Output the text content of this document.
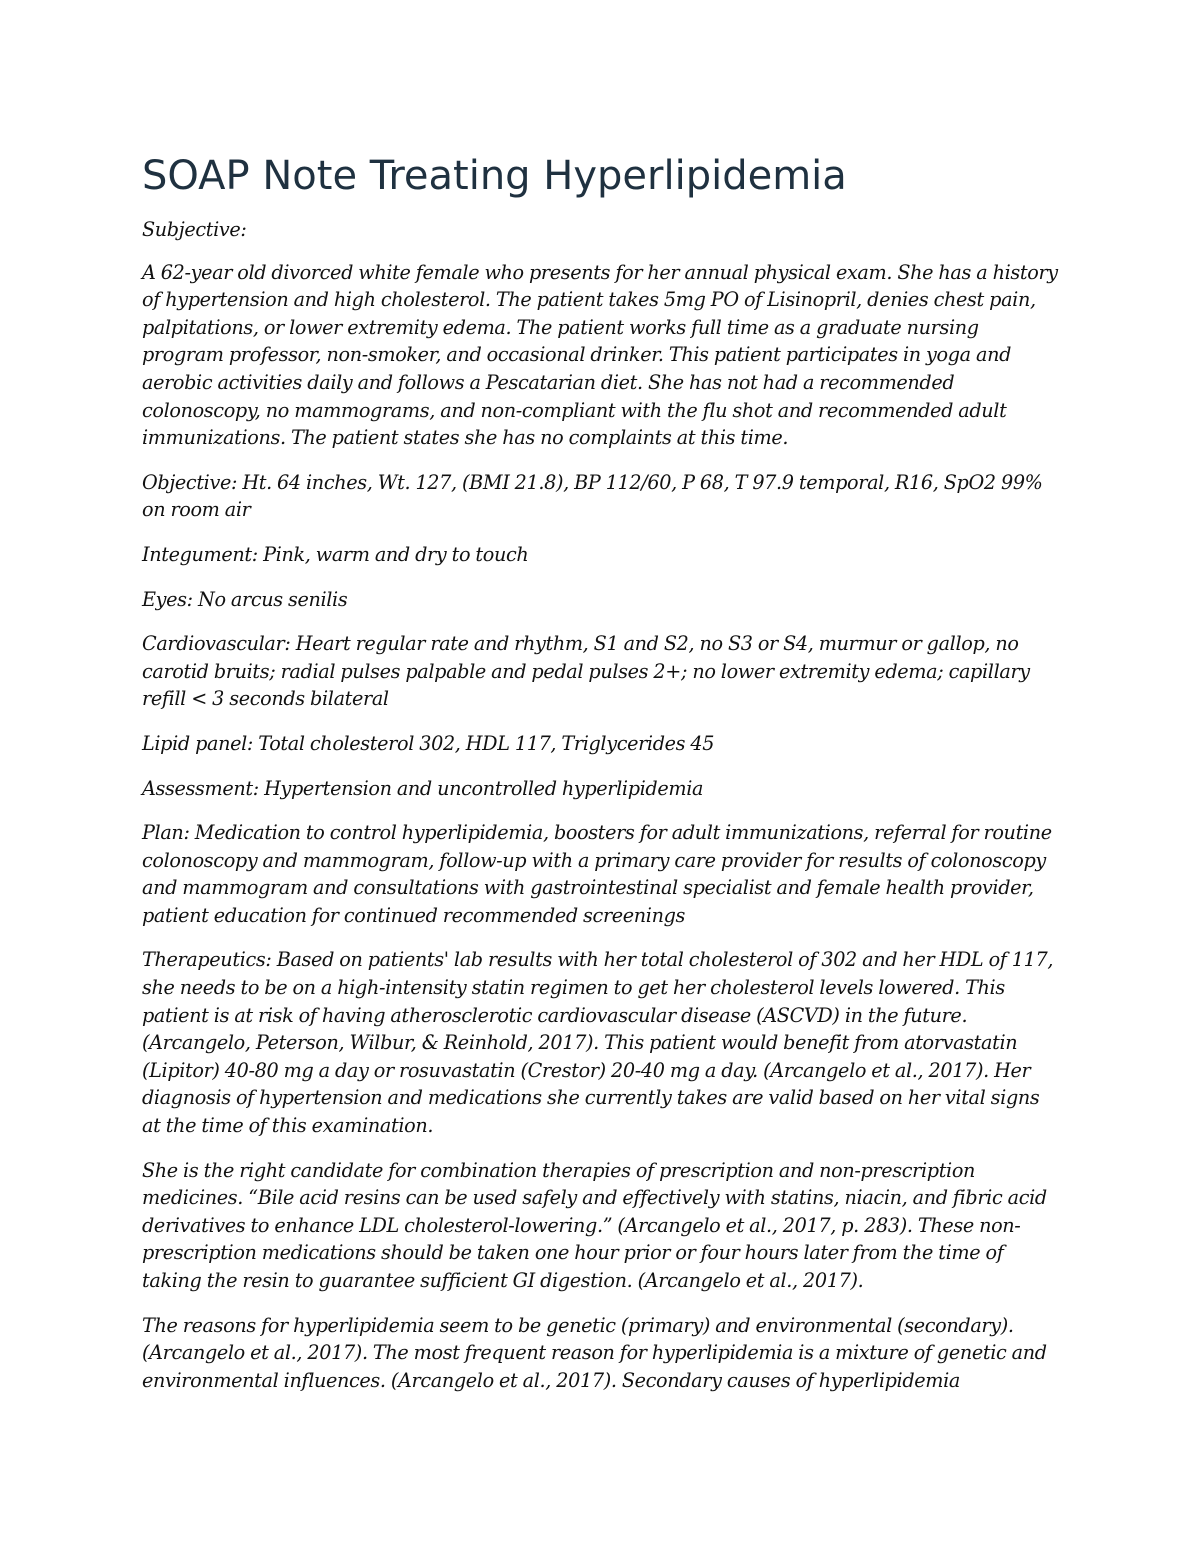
SOAP Note Treating Hyperlipidemia

Subjective:

A 62-year old divorced white female who presents for her annual physical exam. She has a history of hypertension and high cholesterol. The patient takes 5mg PO of Lisinopril, denies chest pain, palpitations, or lower extremity edema. The patient works full time as a graduate nursing program professor, non-smoker, and occasional drinker. This patient participates in yoga and aerobic activities daily and follows a Pescatarian diet. She has not had a recommended colonoscopy, no mammograms, and non-compliant with the flu shot and recommended adult immunizations. The patient states she has no complaints at this time.

Objective: Ht. 64 inches, Wt. 127, (BMI 21.8), BP 112/60, P 68, T 97.9 temporal, R16, SpO2 99% on room air

Integument: Pink, warm and dry to touch

Eyes: No arcus senilis

Cardiovascular: Heart regular rate and rhythm, S1 and S2, no S3 or S4, murmur or gallop, no carotid bruits; radial pulses palpable and pedal pulses 2+; no lower extremity edema; capillary refill < 3 seconds bilateral

Lipid panel: Total cholesterol 302, HDL 117, Triglycerides 45

Assessment: Hypertension and uncontrolled hyperlipidemia

Plan: Medication to control hyperlipidemia, boosters for adult immunizations, referral for routine colonoscopy and mammogram, follow-up with a primary care provider for results of colonoscopy and mammogram and consultations with gastrointestinal specialist and female health provider, patient education for continued recommended screenings

Therapeutics: Based on patients' lab results with her total cholesterol of 302 and her HDL of 117, she needs to be on a high-intensity statin regimen to get her cholesterol levels lowered. This patient is at risk of having atherosclerotic cardiovascular disease (ASCVD) in the future. (Arcangelo, Peterson, Wilbur, & Reinhold, 2017). This patient would benefit from atorvastatin (Lipitor) 40-80 mg a day or rosuvastatin (Crestor) 20-40 mg a day. (Arcangelo et al., 2017). Her diagnosis of hypertension and medications she currently takes are valid based on her vital signs at the time of this examination.

She is the right candidate for combination therapies of prescription and non-prescription medicines. “Bile acid resins can be used safely and effectively with statins, niacin, and fibric acid derivatives to enhance LDL cholesterol-lowering.” (Arcangelo et al., 2017, p. 283). These non-prescription medications should be taken one hour prior or four hours later from the time of taking the resin to guarantee sufficient GI digestion. (Arcangelo et al., 2017).

The reasons for hyperlipidemia seem to be genetic (primary) and environmental (secondary). (Arcangelo et al., 2017). The most frequent reason for hyperlipidemia is a mixture of genetic and environmental influences. (Arcangelo et al., 2017). Secondary causes of hyperlipidemia
